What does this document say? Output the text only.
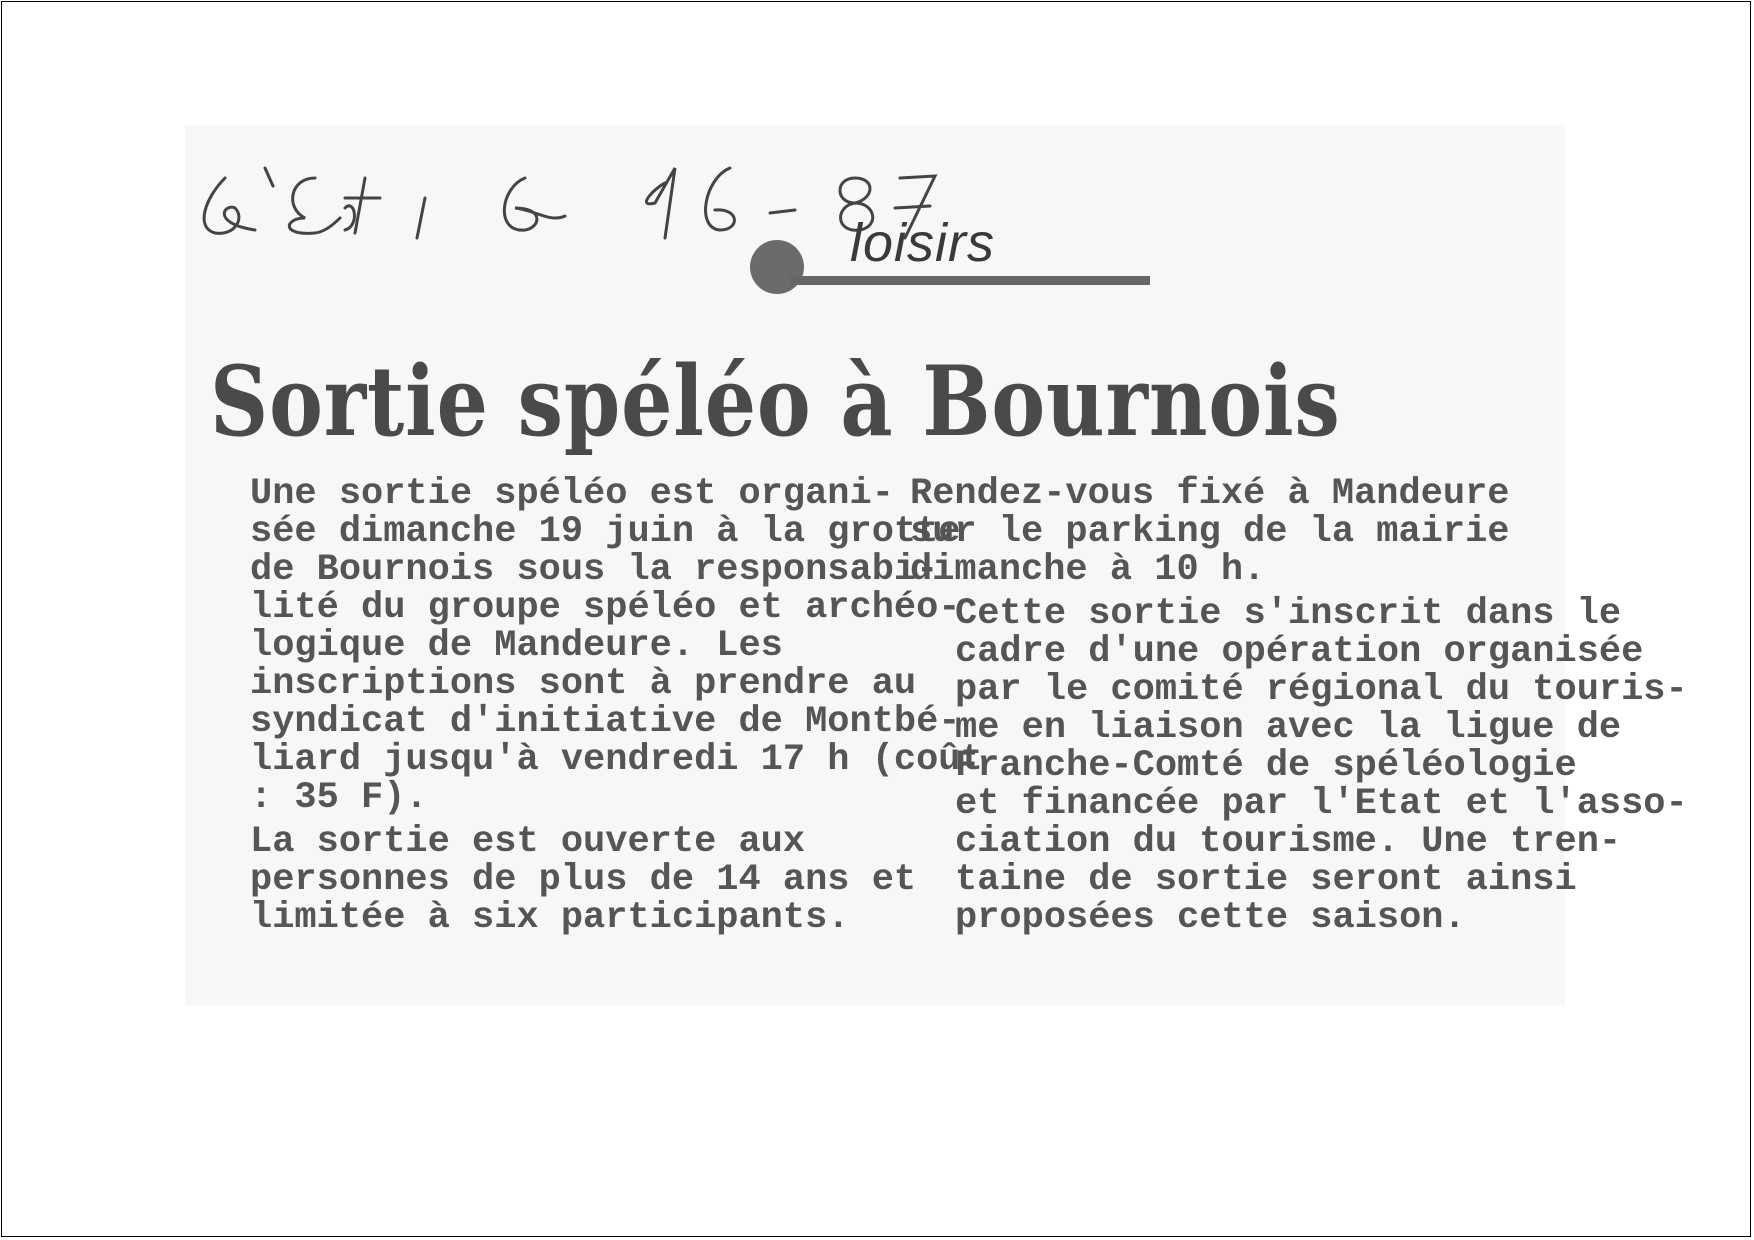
loisirs
Sortie spéléo à Bournois

Une sortie spéléo est organi-
sée dimanche 19 juin à la grotte
de Bournois sous la responsabi-
lité du groupe spéléo et archéo-
logique de Mandeure. Les
inscriptions sont à prendre au
syndicat d'initiative de Montbé-
liard jusqu'à vendredi 17 h (coût
: 35 F).

La sortie est ouverte aux
personnes de plus de 14 ans et
limitée à six participants.

Rendez-vous fixé à Mandeure
sur le parking de la mairie
dimanche à 10 h.

Cette sortie s'inscrit dans le
cadre d'une opération organisée
par le comité régional du touris-
me en liaison avec la ligue de
Franche-Comté de spéléologie
et financée par l'Etat et l'asso-
ciation du tourisme. Une tren-
taine de sortie seront ainsi
proposées cette saison.
